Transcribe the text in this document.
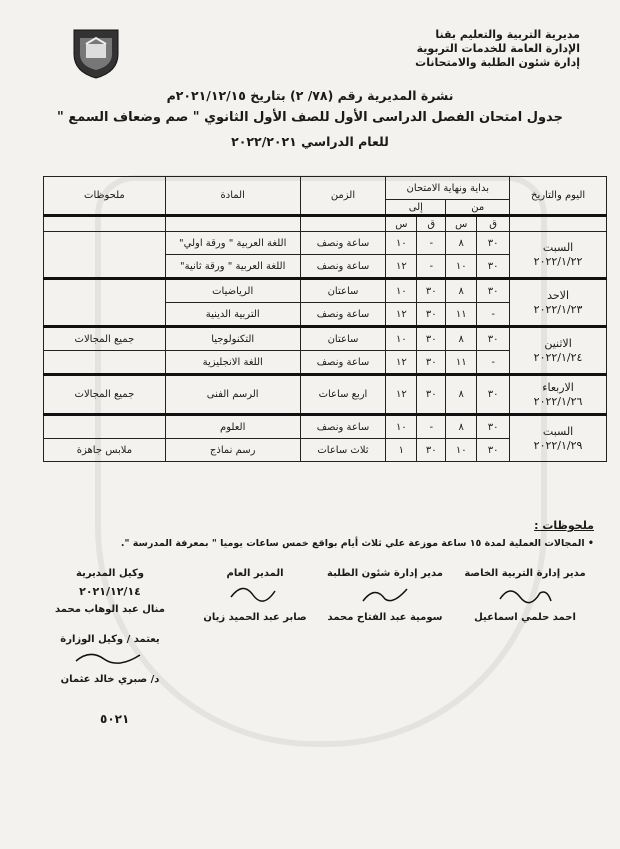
مديرية التربية والتعليم بقنا
الإدارة العامة للخدمات التربوية
إدارة شئون الطلبة والامتحانات
نشرة المديرية رقم (٧٨/ ٢) بتاريخ ٢٠٢١/١٢/١٥م
جدول امتحان الفصل الدراسى الأول للصف الأول الثانوي " صم وضعاف السمع "
للعام الدراسي ٢٠٢٢/٢٠٢١
اليوم والتاريخ	بداية ونهاية الامتحان				الزمن	المادة	ملحوظات
	من		إلى				
	ق	س	ق	س			

السبت
٢٠٢٢/١/٢٢	٣٠	٨	-	١٠	ساعة ونصف	اللغة العربية " ورقة اولي"	
	٣٠	١٠	-	١٢	ساعة ونصف	اللغة العربية " ورقة ثانية"	

الاحد
٢٠٢٢/١/٢٣	٣٠	٨	٣٠	١٠	ساعتان	الرياضيات	
	-	١١	٣٠	١٢	ساعة ونصف	التربية الدينية	

الاثنين
٢٠٢٢/١/٢٤	٣٠	٨	٣٠	١٠	ساعتان	التكنولوجيا	جميع المجالات
	-	١١	٣٠	١٢	ساعة ونصف	اللغة الانجليزية	

الاربعاء
٢٠٢٢/١/٢٦	٣٠	٨	٣٠	١٢	اربع ساعات	الرسم الفنى	جميع المجالات

السبت
٢٠٢٢/١/٢٩	٣٠	٨	-	١٠	ساعة ونصف	العلوم	
	٣٠	١٠	٣٠	١	ثلاث ساعات	رسم نماذج	ملابس جاهزة
ملحوظات :
• المجالات العملية لمدة ١٥ ساعة موزعة علي ثلاث أيام بواقع خمس ساعات يوميا " بمعرفة المدرسة ".
مدير إدارة التربية الخاصة
احمد حلمي اسماعيل
مدير إدارة شئون الطلبة
سومية عبد الفتاح محمد
المدير العام
صابر عبد الحميد زيان
وكيل المديرية
٢٠٢١/١٢/١٤
منال عبد الوهاب محمد
يعتمد / وكيل الوزارة
د/ صبري خالد عثمان
٥٠٢١
